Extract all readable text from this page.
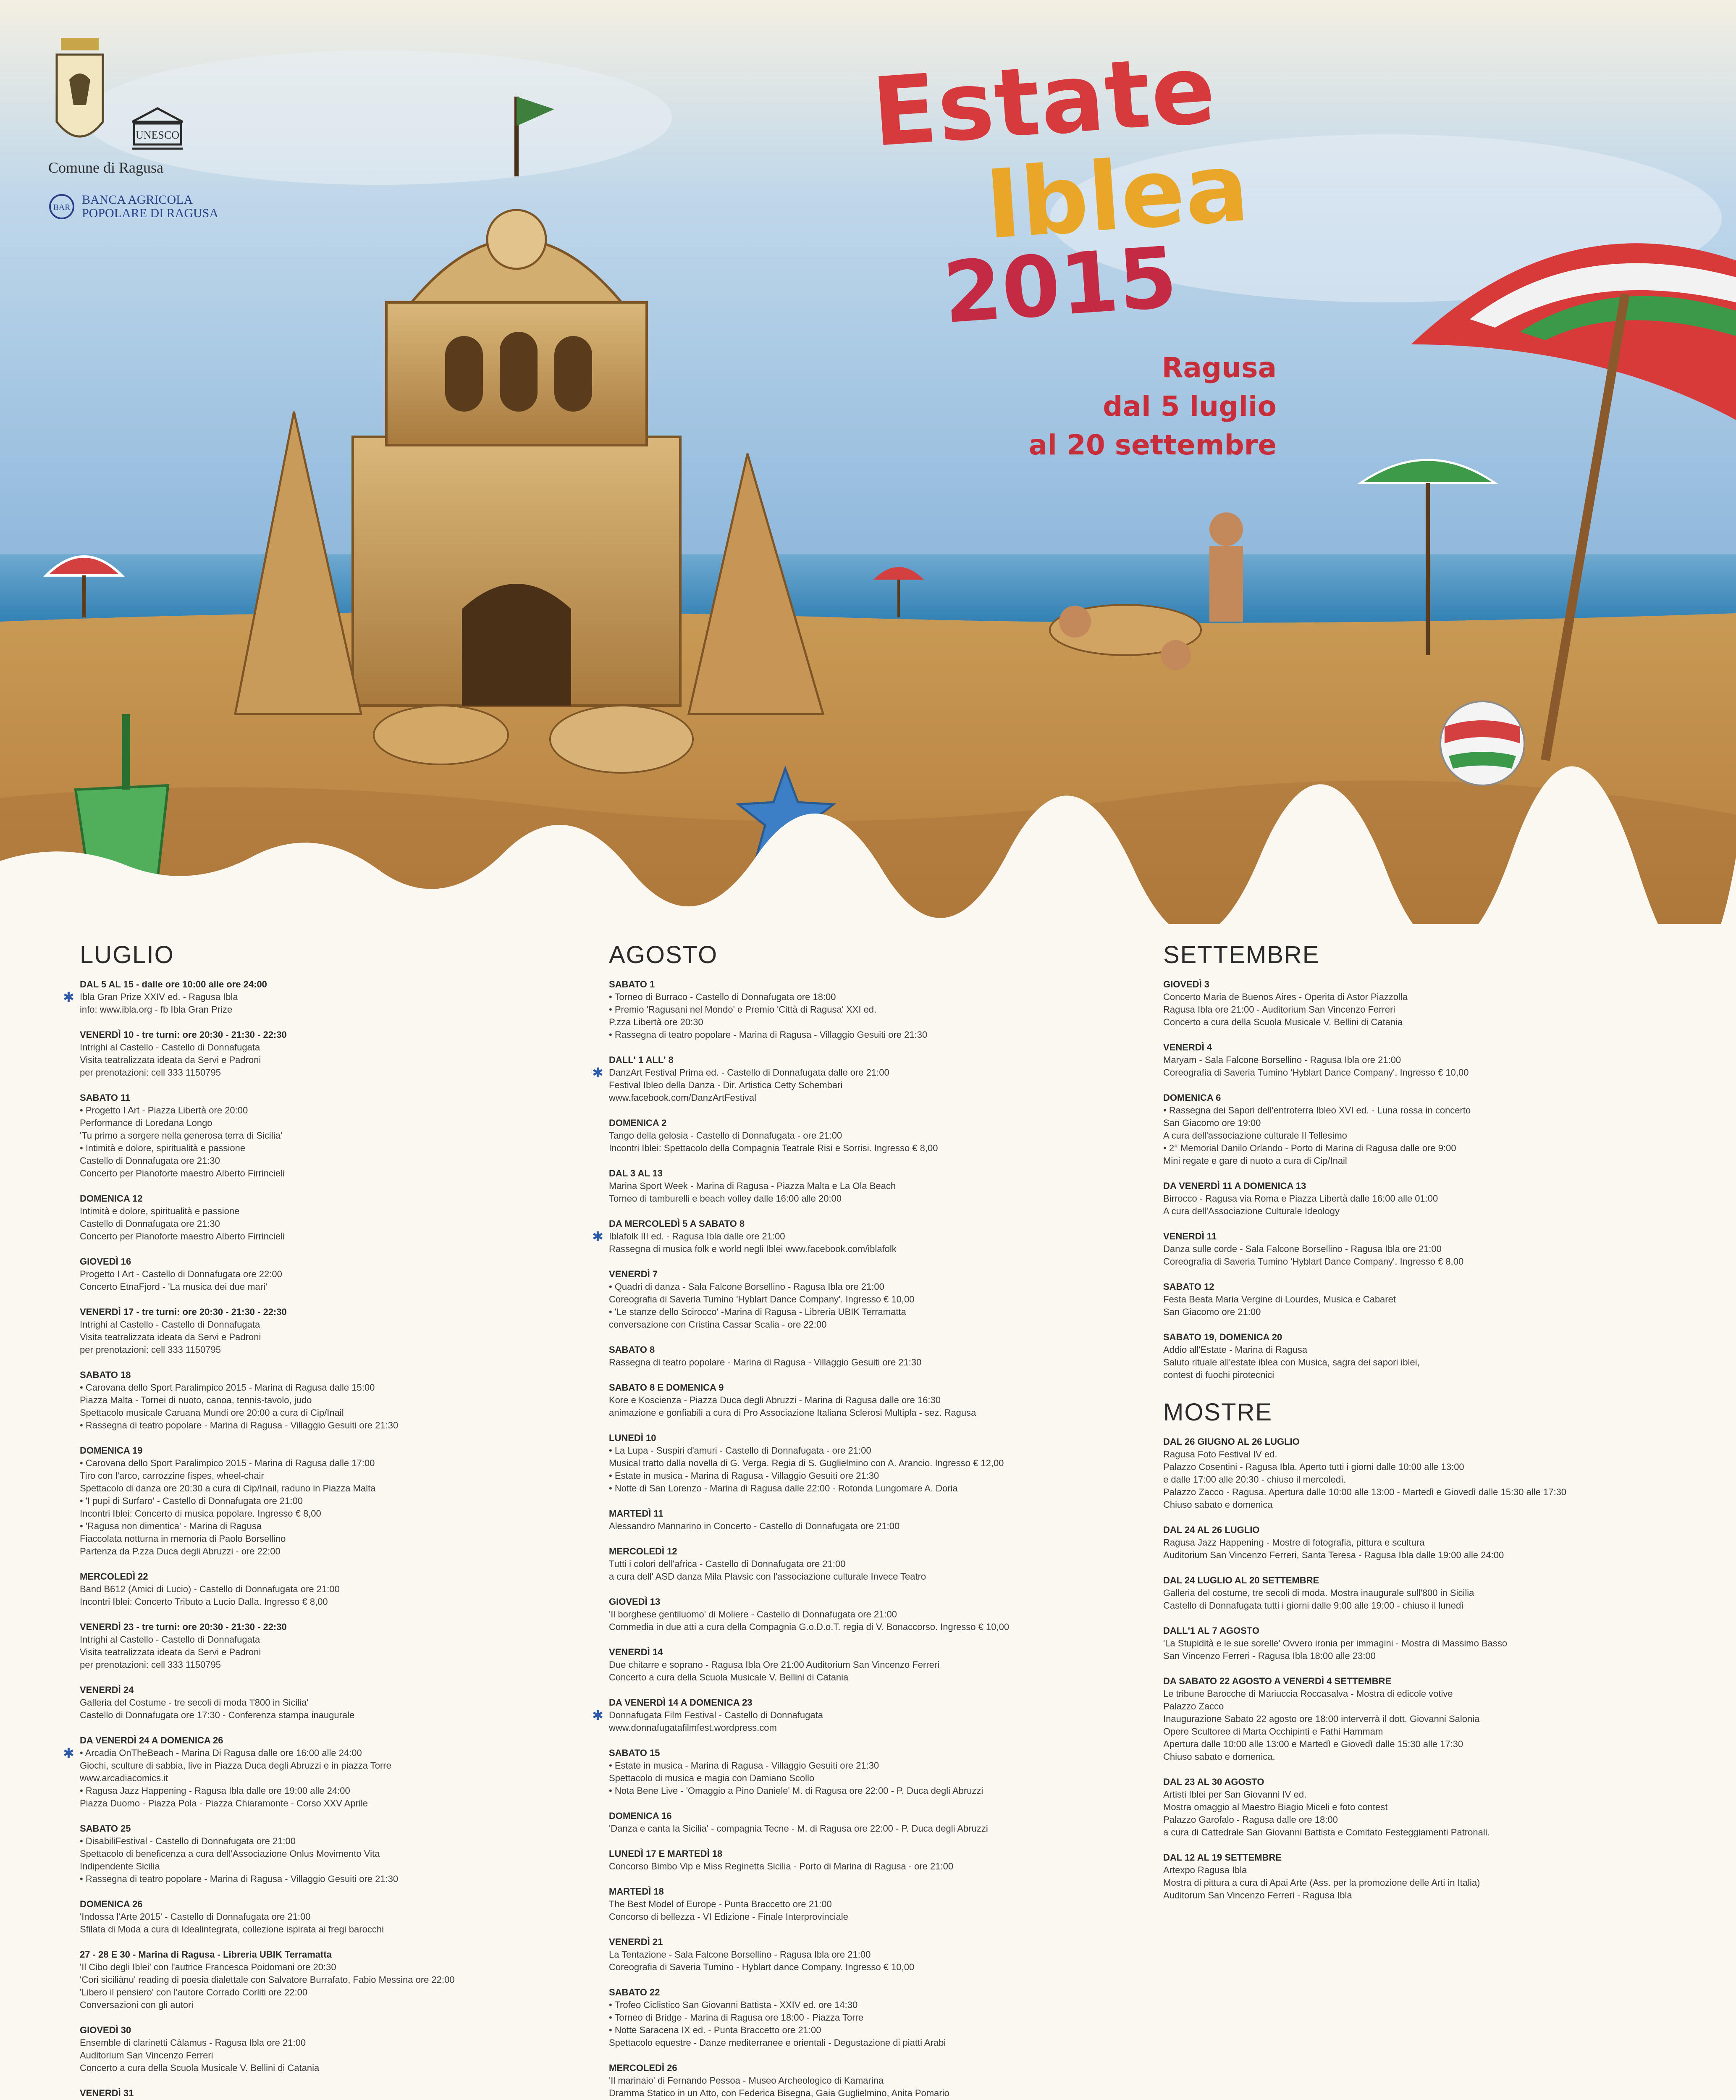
UNESCO
Comune di Ragusa
BAR
BANCA AGRICOLA
POPOLARE DI RAGUSA
Estate
Iblea
2015
Ragusa
dal 5 luglio
al 20 settembre
LUGLIO
✱
DAL 5 AL 15 - dalle ore 10:00 alle ore 24:00
Ibla Gran Prize XXIV ed. - Ragusa Ibla
info: www.ibla.org - fb Ibla Gran Prize
VENERDÌ 10 - tre turni: ore 20:30 - 21:30 - 22:30
Intrighi al Castello - Castello di Donnafugata
Visita teatralizzata ideata da Servi e Padroni
per prenotazioni: cell 333 1150795
SABATO 11
• Progetto I Art - Piazza Libertà ore 20:00
Performance di Loredana Longo
'Tu primo a sorgere nella generosa terra di Sicilia'
• Intimità e dolore, spiritualità e passione
Castello di Donnafugata ore 21:30
Concerto per Pianoforte maestro Alberto Firrincieli
DOMENICA 12
Intimità e dolore, spiritualità e passione
Castello di Donnafugata ore 21:30
Concerto per Pianoforte maestro Alberto Firrincieli
GIOVEDÌ 16
Progetto I Art - Castello di Donnafugata ore 22:00
Concerto EtnaFjord - 'La musica dei due mari'
VENERDÌ 17 - tre turni: ore 20:30 - 21:30 - 22:30
Intrighi al Castello - Castello di Donnafugata
Visita teatralizzata ideata da Servi e Padroni
per prenotazioni: cell 333 1150795
SABATO 18
• Carovana dello Sport Paralimpico 2015 - Marina di Ragusa dalle 15:00
Piazza Malta - Tornei di nuoto, canoa, tennis-tavolo, judo
Spettacolo musicale Caruana Mundi ore 20:00 a cura di Cip/Inail
• Rassegna di teatro popolare - Marina di Ragusa - Villaggio Gesuiti ore 21:30
DOMENICA 19
• Carovana dello Sport Paralimpico 2015 - Marina di Ragusa dalle 17:00
Tiro con l'arco, carrozzine fispes, wheel-chair
Spettacolo di danza ore 20:30 a cura di Cip/Inail, raduno in Piazza Malta
• 'I pupi di Surfaro' - Castello di Donnafugata ore 21:00
Incontri Iblei: Concerto di musica popolare. Ingresso € 8,00
• 'Ragusa non dimentica' - Marina di Ragusa
Fiaccolata notturna in memoria di Paolo Borsellino
Partenza da P.zza Duca degli Abruzzi - ore 22:00
MERCOLEDÌ 22
Band B612 (Amici di Lucio) - Castello di Donnafugata ore 21:00
Incontri Iblei: Concerto Tributo a Lucio Dalla. Ingresso € 8,00
VENERDÌ 23 - tre turni: ore 20:30 - 21:30 - 22:30
Intrighi al Castello - Castello di Donnafugata
Visita teatralizzata ideata da Servi e Padroni
per prenotazioni: cell 333 1150795
VENERDÌ 24
Galleria del Costume - tre secoli di moda 'l'800 in Sicilia'
Castello di Donnafugata ore 17:30 - Conferenza stampa inaugurale
✱
DA VENERDÌ 24 A DOMENICA 26
• Arcadia OnTheBeach - Marina Di Ragusa dalle ore 16:00 alle 24:00
Giochi, sculture di sabbia, live in Piazza Duca degli Abruzzi e in piazza Torre
www.arcadiacomics.it
• Ragusa Jazz Happening - Ragusa Ibla dalle ore 19:00 alle 24:00
Piazza Duomo - Piazza Pola - Piazza Chiaramonte - Corso XXV Aprile
SABATO 25
• DisabiliFestival - Castello di Donnafugata ore 21:00
Spettacolo di beneficenza a cura dell'Associazione Onlus Movimento Vita
Indipendente Sicilia
• Rassegna di teatro popolare - Marina di Ragusa - Villaggio Gesuiti ore 21:30
DOMENICA 26
'Indossa l'Arte 2015' - Castello di Donnafugata ore 21:00
Sfilata di Moda a cura di Idealintegrata, collezione ispirata ai fregi barocchi
27 - 28 E 30 - Marina di Ragusa - Libreria UBIK Terramatta
'Il Cibo degli Iblei' con l'autrice Francesca Poidomani ore 20:30
'Cori siciliànu' reading di poesia dialettale con Salvatore Burrafato, Fabio Messina ore 22:00
'Libero il pensiero' con l'autore Corrado Corliti ore 22:00
Conversazioni con gli autori
GIOVEDÌ 30
Ensemble di clarinetti Càlamus - Ragusa Ibla ore 21:00
Auditorium San Vincenzo Ferreri
Concerto a cura della Scuola Musicale V. Bellini di Catania
VENERDÌ 31
AGOSTO
SABATO 1
• Torneo di Burraco - Castello di Donnafugata ore 18:00
• Premio 'Ragusani nel Mondo' e Premio 'Città di Ragusa' XXI ed.
P.zza Libertà ore 20:30
• Rassegna di teatro popolare - Marina di Ragusa - Villaggio Gesuiti ore 21:30
✱
DALL' 1 ALL' 8
DanzArt Festival Prima ed. - Castello di Donnafugata dalle ore 21:00
Festival Ibleo della Danza - Dir. Artistica Cetty Schembari
www.facebook.com/DanzArtFestival
DOMENICA 2
Tango della gelosia - Castello di Donnafugata - ore 21:00
Incontri Iblei: Spettacolo della Compagnia Teatrale Risi e Sorrisi. Ingresso € 8,00
DAL 3 AL 13
Marina Sport Week - Marina di Ragusa - Piazza Malta e La Ola Beach
Torneo di tamburelli e beach volley dalle 16:00 alle 20:00
✱
DA MERCOLEDÌ 5 A SABATO 8
Iblafolk III ed. - Ragusa Ibla dalle ore 21:00
Rassegna di musica folk e world negli Iblei www.facebook.com/iblafolk
VENERDÌ 7
• Quadri di danza - Sala Falcone Borsellino - Ragusa Ibla ore 21:00
Coreografia di Saveria Tumino 'Hyblart Dance Company'. Ingresso € 10,00
• 'Le stanze dello Scirocco' -Marina di Ragusa - Libreria UBIK Terramatta
conversazione con Cristina Cassar Scalia - ore 22:00
SABATO 8
Rassegna di teatro popolare - Marina di Ragusa - Villaggio Gesuiti ore 21:30
SABATO 8 E DOMENICA 9
Kore e Koscienza - Piazza Duca degli Abruzzi - Marina di Ragusa dalle ore 16:30
animazione e gonfiabili a cura di Pro Associazione Italiana Sclerosi Multipla - sez. Ragusa
LUNEDÌ 10
• La Lupa - Suspiri d'amuri - Castello di Donnafugata - ore 21:00
Musical tratto dalla novella di G. Verga. Regia di S. Guglielmino con A. Arancio. Ingresso € 12,00
• Estate in musica - Marina di Ragusa - Villaggio Gesuiti ore 21:30
• Notte di San Lorenzo - Marina di Ragusa dalle 22:00 - Rotonda Lungomare A. Doria
MARTEDÌ 11
Alessandro Mannarino in Concerto - Castello di Donnafugata ore 21:00
MERCOLEDÌ 12
Tutti i colori dell'africa - Castello di Donnafugata ore 21:00
a cura dell' ASD danza Mila Plavsic con l'associazione culturale Invece Teatro
GIOVEDÌ 13
'Il borghese gentiluomo' di Moliere - Castello di Donnafugata ore 21:00
Commedia in due atti a cura della Compagnia G.o.D.o.T. regia di V. Bonaccorso. Ingresso € 10,00
VENERDÌ 14
Due chitarre e soprano - Ragusa Ibla Ore 21:00 Auditorium San Vincenzo Ferreri
Concerto a cura della Scuola Musicale V. Bellini di Catania
✱
DA VENERDÌ 14 A DOMENICA 23
Donnafugata Film Festival - Castello di Donnafugata
www.donnafugatafilmfest.wordpress.com
SABATO 15
• Estate in musica - Marina di Ragusa - Villaggio Gesuiti ore 21:30
Spettacolo di musica e magia con Damiano Scollo
• Nota Bene Live - 'Omaggio a Pino Daniele' M. di Ragusa ore 22:00 - P. Duca degli Abruzzi
DOMENICA 16
'Danza e canta la Sicilia' - compagnia Tecne - M. di Ragusa ore 22:00 - P. Duca degli Abruzzi
LUNEDÌ 17 E MARTEDÌ 18
Concorso Bimbo Vip e Miss Reginetta Sicilia - Porto di Marina di Ragusa - ore 21:00
MARTEDÌ 18
The Best Model of Europe - Punta Braccetto ore 21:00
Concorso di bellezza - VI Edizione - Finale Interprovinciale
VENERDÌ 21
La Tentazione - Sala Falcone Borsellino - Ragusa Ibla ore 21:00
Coreografia di Saveria Tumino - Hyblart dance Company. Ingresso € 10,00
SABATO 22
• Trofeo Ciclistico San Giovanni Battista - XXIV ed. ore 14:30
• Torneo di Bridge - Marina di Ragusa ore 18:00 - Piazza Torre
• Notte Saracena IX ed. - Punta Braccetto ore 21:00
Spettacolo equestre - Danze mediterranee e orientali - Degustazione di piatti Arabi
MERCOLEDÌ 26
'Il marinaio' di Fernando Pessoa - Museo Archeologico di Kamarina
Dramma Statico in un Atto, con Federica Bisegna, Gaia Guglielmino, Anita Pomario
SETTEMBRE
GIOVEDÌ 3
Concerto Maria de Buenos Aires - Operita di Astor Piazzolla
Ragusa Ibla ore 21:00 - Auditorium San Vincenzo Ferreri
Concerto a cura della Scuola Musicale V. Bellini di Catania
VENERDÌ 4
Maryam - Sala Falcone Borsellino - Ragusa Ibla ore 21:00
Coreografia di Saveria Tumino 'Hyblart Dance Company'. Ingresso € 10,00
DOMENICA 6
• Rassegna dei Sapori dell'entroterra Ibleo XVI ed. - Luna rossa in concerto
San Giacomo ore 19:00
A cura dell'associazione culturale Il Tellesimo
• 2° Memorial Danilo Orlando - Porto di Marina di Ragusa dalle ore 9:00
Mini regate e gare di nuoto a cura di Cip/Inail
DA VENERDÌ 11 A DOMENICA 13
Birrocco - Ragusa via Roma e Piazza Libertà dalle 16:00 alle 01:00
A cura dell'Associazione Culturale Ideology
VENERDÌ 11
Danza sulle corde - Sala Falcone Borsellino - Ragusa Ibla ore 21:00
Coreografia di Saveria Tumino 'Hyblart Dance Company'. Ingresso € 8,00
SABATO 12
Festa Beata Maria Vergine di Lourdes, Musica e Cabaret
San Giacomo ore 21:00
SABATO 19, DOMENICA 20
Addio all'Estate - Marina di Ragusa
Saluto rituale all'estate iblea con Musica, sagra dei sapori iblei,
contest di fuochi pirotecnici
MOSTRE
DAL 26 GIUGNO AL 26 LUGLIO
Ragusa Foto Festival IV ed.
Palazzo Cosentini - Ragusa Ibla. Aperto tutti i giorni dalle 10:00 alle 13:00
e dalle 17:00 alle 20:30 - chiuso il mercoledì.
Palazzo Zacco - Ragusa. Apertura dalle 10:00 alle 13:00 - Martedì e Giovedì dalle 15:30 alle 17:30
Chiuso sabato e domenica
DAL 24 AL 26 LUGLIO
Ragusa Jazz Happening - Mostre di fotografia, pittura e scultura
Auditorium San Vincenzo Ferreri, Santa Teresa - Ragusa Ibla dalle 19:00 alle 24:00
DAL 24 LUGLIO AL 20 SETTEMBRE
Galleria del costume, tre secoli di moda. Mostra inaugurale sull'800 in Sicilia
Castello di Donnafugata tutti i giorni dalle 9:00 alle 19:00 - chiuso il lunedì
DALL'1 AL 7 AGOSTO
'La Stupidità e le sue sorelle' Ovvero ironia per immagini - Mostra di Massimo Basso
San Vincenzo Ferreri - Ragusa Ibla 18:00 alle 23:00
DA SABATO 22 AGOSTO A VENERDÌ 4 SETTEMBRE
Le tribune Barocche di Mariuccia Roccasalva - Mostra di edicole votive
Palazzo Zacco
Inaugurazione Sabato 22 agosto ore 18:00 interverrà il dott. Giovanni Salonia
Opere Scultoree di Marta Occhipinti e Fathi Hammam
Apertura dalle 10:00 alle 13:00 e Martedì e Giovedì dalle 15:30 alle 17:30
Chiuso sabato e domenica.
DAL 23 AL 30 AGOSTO
Artisti Iblei per San Giovanni IV ed.
Mostra omaggio al Maestro Biagio Miceli e foto contest
Palazzo Garofalo - Ragusa dalle ore 18:00
a cura di Cattedrale San Giovanni Battista e Comitato Festeggiamenti Patronali.
DAL 12 AL 19 SETTEMBRE
Artexpo Ragusa Ibla
Mostra di pittura a cura di Apai Arte (Ass. per la promozione delle Arti in Italia)
Auditorum San Vincenzo Ferreri - Ragusa Ibla
